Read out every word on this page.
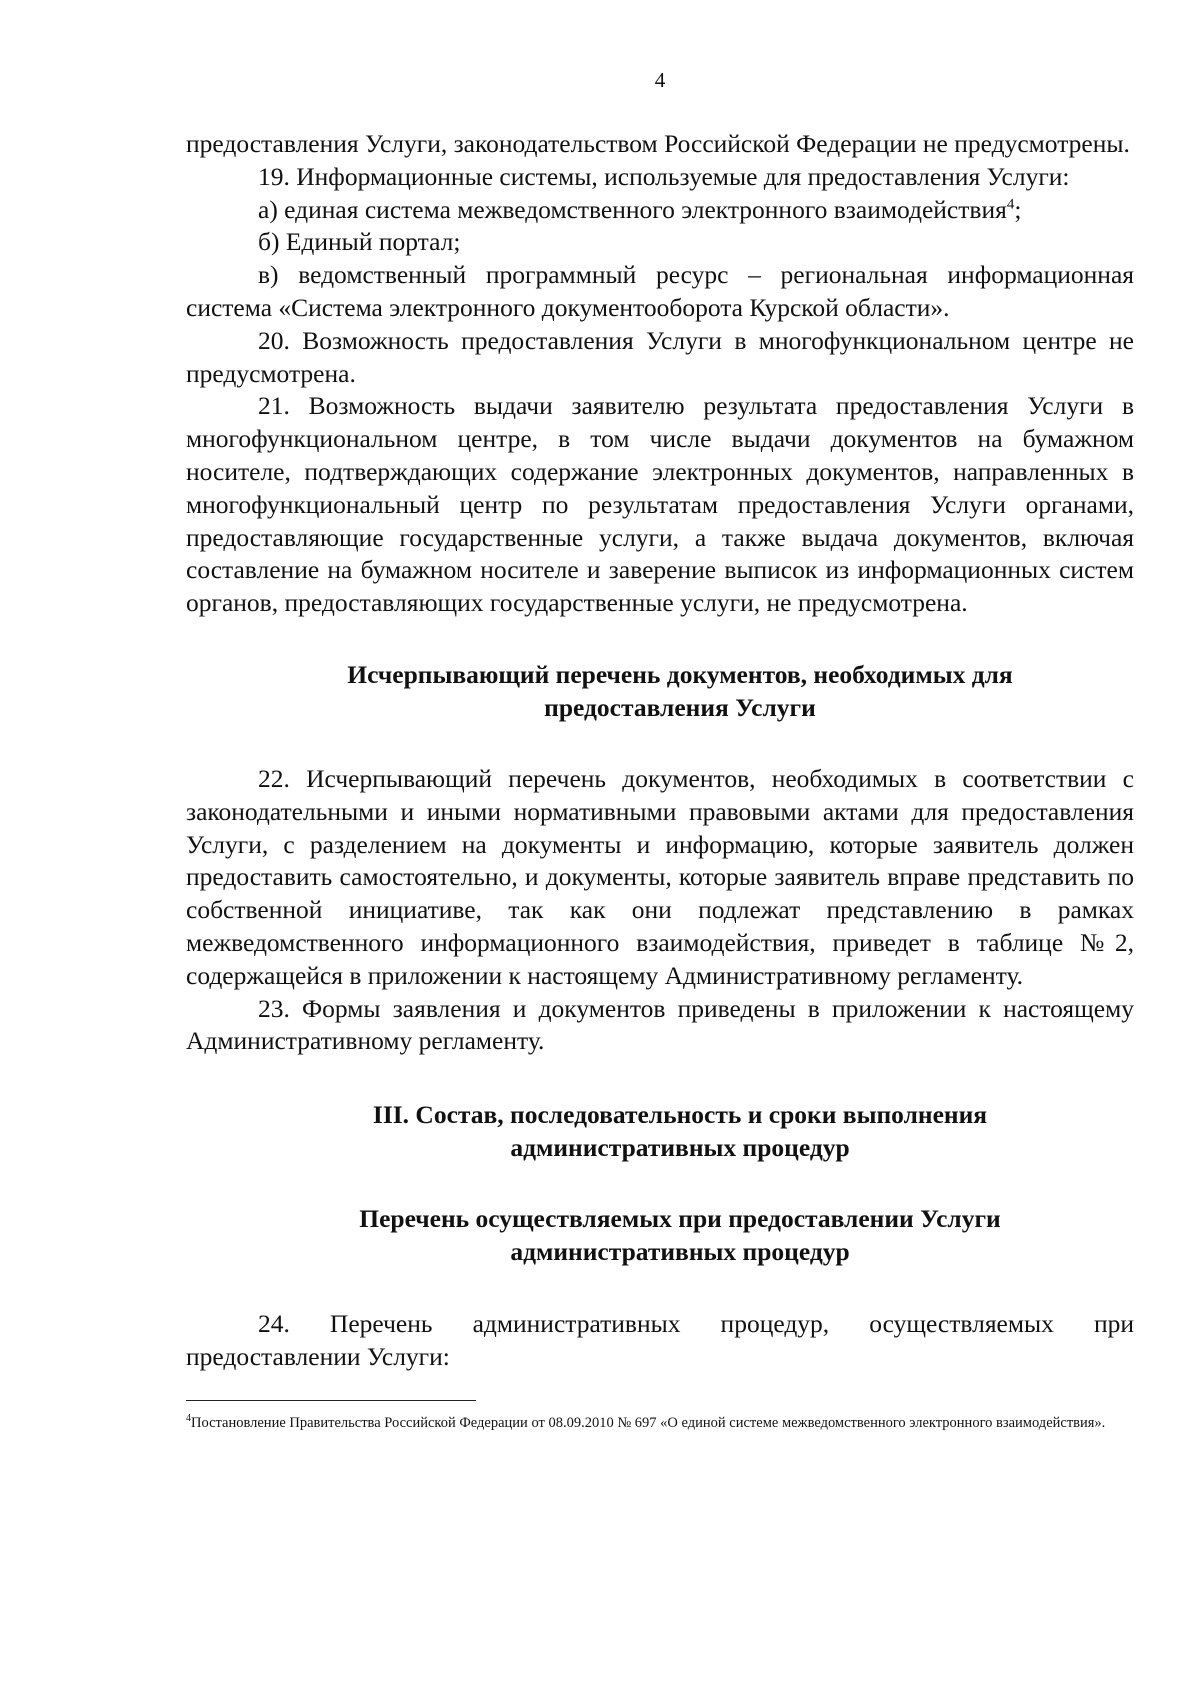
4

предоставления Услуги, законодательством Российской Федерации не предусмотрены.

19. Информационные системы, используемые для предоставления Услуги:

а) единая система межведомственного электронного взаимодействия$^4$;

б) Единый портал;

в) ведомственный программный ресурс – региональная информационная система «Система электронного документооборота Курской области».

20. Возможность предоставления Услуги в многофункциональном центре не предусмотрена.

21. Возможность выдачи заявителю результата предоставления Услуги в многофункциональном центре, в том числе выдачи документов на бумажном носителе, подтверждающих содержание электронных документов, направленных в многофункциональный центр по результатам предоставления Услуги органами, предоставляющие государственные услуги, а также выдача документов, включая составление на бумажном носителе и заверение выписок из информационных систем органов, предоставляющих государственные услуги, не предусмотрена.

Исчерпывающий перечень документов, необходимых для
предоставления Услуги

22. Исчерпывающий перечень документов, необходимых в соответствии с законодательными и иными нормативными правовыми актами для предоставления Услуги, с разделением на документы и информацию, которые заявитель должен предоставить самостоятельно, и документы, которые заявитель вправе представить по собственной инициативе, так как они подлежат представлению в рамках межведомственного информационного взаимодействия, приведет в таблице №2, содержащейся в приложении к настоящему Административному регламенту.

23. Формы заявления и документов приведены в приложении к настоящему Административному регламенту.

III. Состав, последовательность и сроки выполнения
административных процедур
Перечень осуществляемых при предоставлении Услуги
административных процедур

24. Перечень административных процедур, осуществляемых при предоставлении Услуги:

$^4$Постановление Правительства Российской Федерации от 08.09.2010 № 697 «О единой системе межведомственного электронного взаимодействия».
